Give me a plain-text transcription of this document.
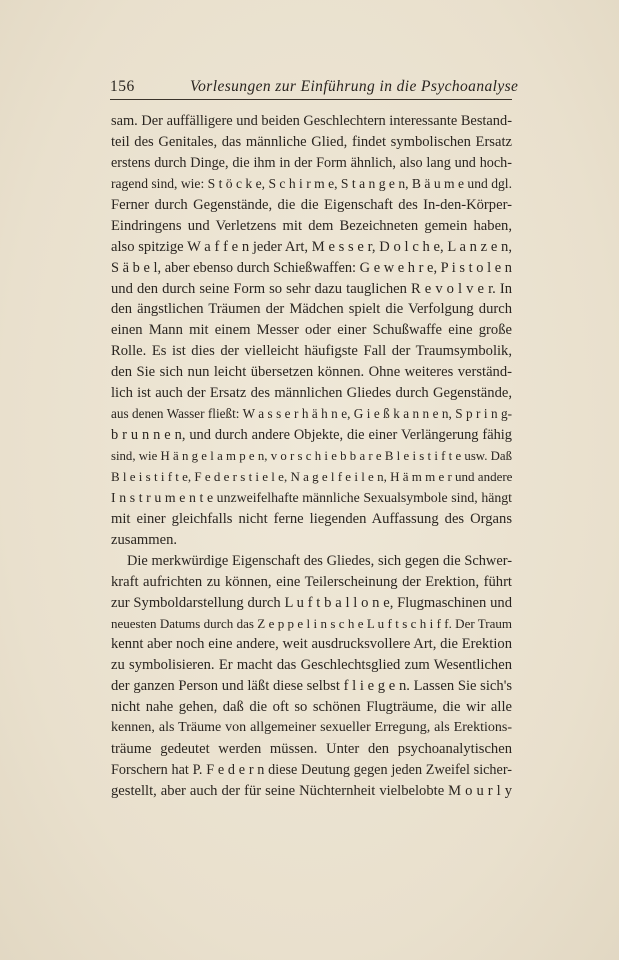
156	Vorlesungen zur Einführung in die Psychoanalyse
sam. Der auffälligere und beiden Geschlechtern interessante Bestand-
teil des Genitales, das männliche Glied, findet symbolischen Ersatz
erstens durch Dinge, die ihm in der Form ähnlich, also lang und hoch-
ragend sind, wie: S t ö c k e, S c h i r m e, S t a n g e n, B ä u m e und dgl.
Ferner durch Gegenstände, die die Eigenschaft des In-den-Körper-
Eindringens und Verletzens mit dem Bezeichneten gemein haben,
also spitzige W a f f e n jeder Art, M e s s e r, D o l c h e, L a n z e n,
S ä b e l, aber ebenso durch Schießwaffen: G e w e h r e, P i s t o l e n
und den durch seine Form so sehr dazu tauglichen R e v o l v e r. In
den ängstlichen Träumen der Mädchen spielt die Verfolgung durch
einen Mann mit einem Messer oder einer Schußwaffe eine große
Rolle. Es ist dies der vielleicht häufigste Fall der Traumsymbolik,
den Sie sich nun leicht übersetzen können. Ohne weiteres verständ-
lich ist auch der Ersatz des männlichen Gliedes durch Gegenstände,
aus denen Wasser fließt: W a s s e r h ä h n e, G i e ß k a n n e n, S p r i n g-
b r u n n e n, und durch andere Objekte, die einer Verlängerung fähig
sind, wie H ä n g e l a m p e n, v o r s c h i e b b a r e B l e i s t i f t e usw. Daß
B l e i s t i f t e, F e d e r s t i e l e, N a g e l f e i l e n, H ä m m e r und andere
I n s t r u m e n t e unzweifelhafte männliche Sexualsymbole sind, hängt
mit einer gleichfalls nicht ferne liegenden Auffassung des Organs
zusammen.
Die merkwürdige Eigenschaft des Gliedes, sich gegen die Schwer-
kraft aufrichten zu können, eine Teilerscheinung der Erektion, führt
zur Symboldarstellung durch L u f t b a l l o n e, Flugmaschinen und
neuesten Datums durch das Z e p p e l i n s c h e L u f t s c h i f f. Der Traum
kennt aber noch eine andere, weit ausdrucksvollere Art, die Erektion
zu symbolisieren. Er macht das Geschlechtsglied zum Wesentlichen
der ganzen Person und läßt diese selbst f l i e g e n. Lassen Sie sich's
nicht nahe gehen, daß die oft so schönen Flugträume, die wir alle
kennen, als Träume von allgemeiner sexueller Erregung, als Erektions-
träume gedeutet werden müssen. Unter den psychoanalytischen
Forschern hat P. F e d e r n diese Deutung gegen jeden Zweifel sicher-
gestellt, aber auch der für seine Nüchternheit vielbelobte M o u r l y
